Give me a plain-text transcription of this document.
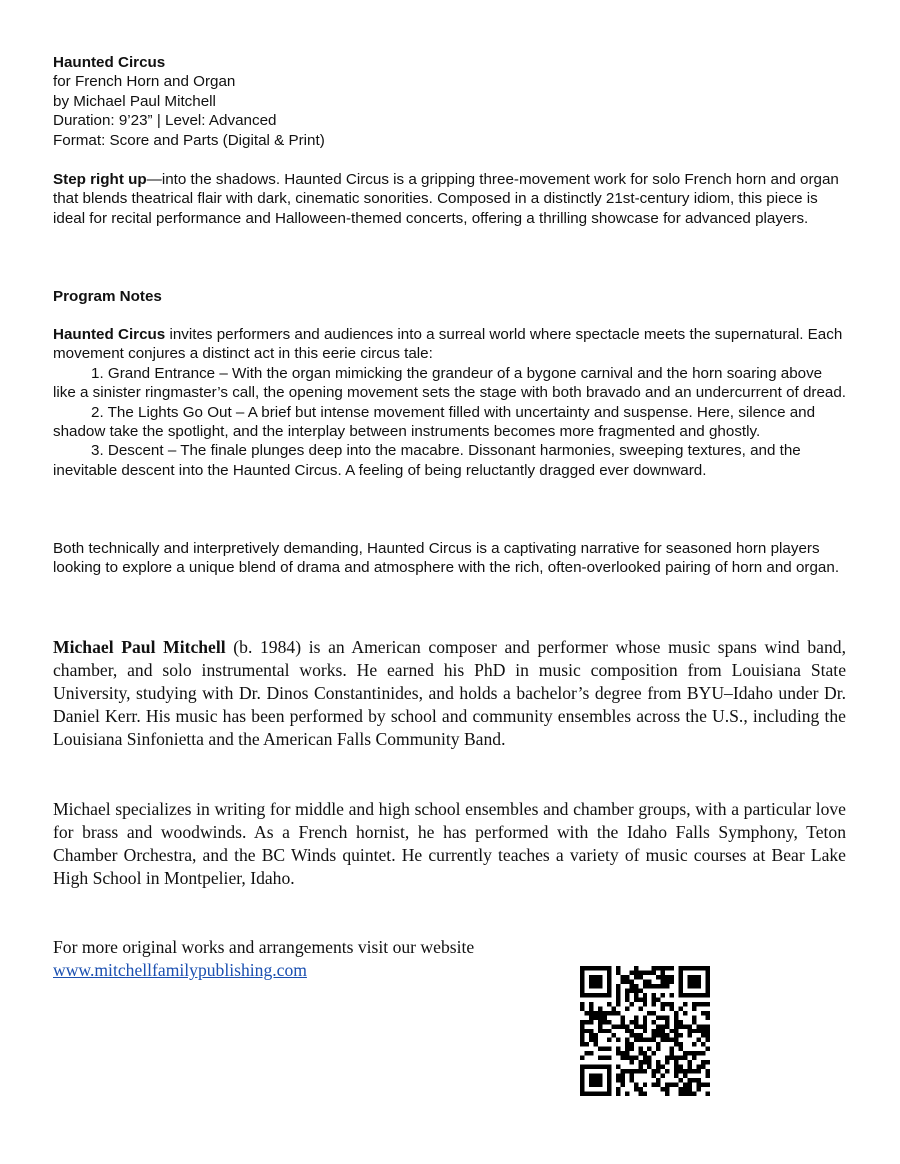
Haunted Circus

for French Horn and Organ

by Michael Paul Mitchell

Duration: 9’23” | Level: Advanced

Format: Score and Parts (Digital & Print)

Step right up—into the shadows. Haunted Circus is a gripping three-movement work for solo French horn and organ that blends theatrical flair with dark, cinematic sonorities. Composed in a distinctly 21st-century idiom, this piece is ideal for recital performance and Halloween-themed concerts, offering a thrilling showcase for advanced players.

Program Notes

Haunted Circus invites performers and audiences into a surreal world where spectacle meets the supernatural. Each movement conjures a distinct act in this eerie circus tale:

1. Grand Entrance – With the organ mimicking the grandeur of a bygone carnival and the horn soaring above like a sinister ringmaster’s call, the opening movement sets the stage with both bravado and an undercurrent of dread.

2. The Lights Go Out – A brief but intense movement filled with uncertainty and suspense. Here, silence and shadow take the spotlight, and the interplay between instruments becomes more fragmented and ghostly.

3. Descent – The finale plunges deep into the macabre. Dissonant harmonies, sweeping textures, and the inevitable descent into the Haunted Circus. A feeling of being reluctantly dragged ever downward.

Both technically and interpretively demanding, Haunted Circus is a captivating narrative for seasoned horn players looking to explore a unique blend of drama and atmosphere with the rich, often-overlooked pairing of horn and organ.

Michael Paul Mitchell (b. 1984) is an American composer and performer whose music spans wind band, chamber, and solo instrumental works. He earned his PhD in music composition from Louisiana State University, studying with Dr. Dinos Constantinides, and holds a bachelor’s degree from BYU–Idaho under Dr. Daniel Kerr. His music has been performed by school and community ensembles across the U.S., including the Louisiana Sinfonietta and the American Falls Community Band.

Michael specializes in writing for middle and high school ensembles and chamber groups, with a particular love for brass and woodwinds. As a French hornist, he has performed with the Idaho Falls Symphony, Teton Chamber Orchestra, and the BC Winds quintet. He currently teaches a variety of music courses at Bear Lake High School in Montpelier, Idaho.

For more original works and arrangements visit our website

www.mitchellfamilypublishing.com
